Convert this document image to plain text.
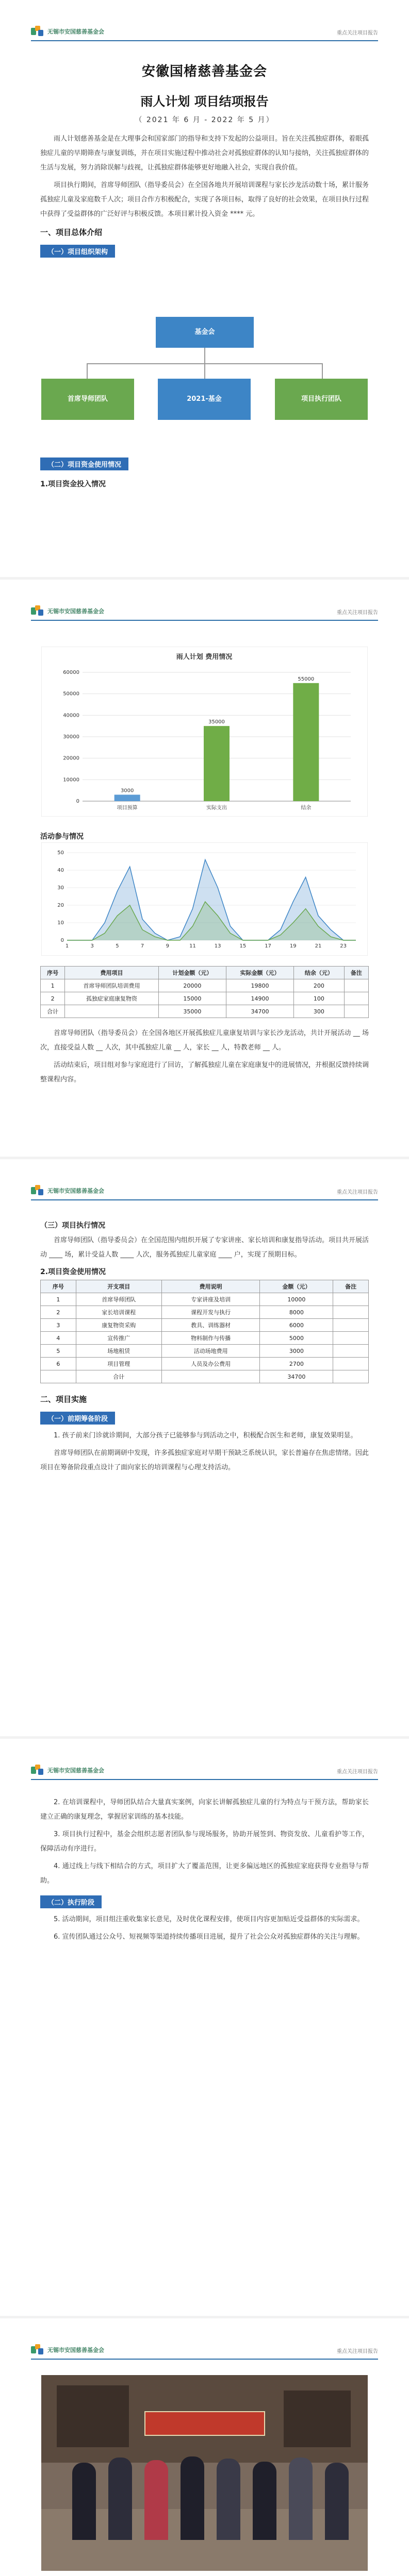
无锡市安国慈善基金会	重点关注项目报告
安徽国楮慈善基金会
雨人计划 项目结项报告
（ 2021 年 6 月 - 2022 年 5 月）

雨人计划慈善基金是在大理事会和国家部门的指导和支持下发起的公益项目。旨在关注孤独症群体，着眼孤独症儿童的早期筛查与康复训练，并在项目实施过程中推动社会对孤独症群体的认知与接纳，关注孤独症群体的生活与发展，努力消除误解与歧视，让孤独症群体能够更好地融入社会，实现自我价值。

项目执行期间，首席导师团队（指导委员会）在全国各地共开展培训课程与家长沙龙活动数十场，累计服务孤独症儿童及家庭数千人次；项目合作方积极配合，实现了各项目标，取得了良好的社会效果，在项目执行过程中获得了受益群体的广泛好评与积极反馈。本项目累计投入资金 **** 元。

一、项目总体介绍
（一）项目组织架构
基金会
首席导师团队	2021-基金	项目执行团队
（二）项目资金使用情况
1.项目资金投入情况
无锡市安国慈善基金会	重点关注项目报告
雨人计划 费用情况
0
10000
20000
30000
40000
50000
60000
3000
项目预算
35000
实际支出
55000
结余
活动参与情况
0
10
20
30
40
50
1	3	5	7	9	11	13	15	17	19	21	23
序号	费用项目	计划金额（元）	实际金额（元）	结余（元）	备注
1	首席导师团队培训费用	20000	19800	200	
2	孤独症家庭康复物资	15000	14900	100	
合计		35000	34700	300	

首席导师团队（指导委员会）在全国各地区开展孤独症儿童康复培训与家长沙龙活动，共计开展活动 __ 场次，直接受益人数 __ 人次，其中孤独症儿童 __ 人，家长 __ 人，特教老师 __ 人。

活动结束后，项目组对参与家庭进行了回访，了解孤独症儿童在家庭康复中的进展情况，并根据反馈持续调整课程内容。

无锡市安国慈善基金会	重点关注项目报告
（三）项目执行情况

首席导师团队（指导委员会）在全国范围内组织开展了专家讲座、家长培训和康复指导活动。项目共开展活动 ____ 场，累计受益人数 ____ 人次，服务孤独症儿童家庭 ____ 户，实现了预期目标。

2.项目资金使用情况
序号	开支项目	费用说明	金额（元）	备注
1	首席导师团队	专家讲座及培训	10000	
2	家长培训课程	课程开发与执行	8000	
3	康复物资采购	教具、训练器材	6000	
4	宣传推广	物料制作与传播	5000	
5	场地租赁	活动场地费用	3000	
6	项目管理	人员及办公费用	2700	
	合计		34700	
二、项目实施
（一）前期筹备阶段

1. 孩子前来门诊就诊期间，大部分孩子已能够参与到活动之中，积极配合医生和老师，康复效果明显。

首席导师团队在前期调研中发现，许多孤独症家庭对早期干预缺乏系统认识，家长普遍存在焦虑情绪。因此项目在筹备阶段重点设计了面向家长的培训课程与心理支持活动。

无锡市安国慈善基金会	重点关注项目报告

2. 在培训课程中，导师团队结合大量真实案例，向家长讲解孤独症儿童的行为特点与干预方法，帮助家长建立正确的康复理念，掌握居家训练的基本技能。

3. 项目执行过程中，基金会组织志愿者团队参与现场服务，协助开展签到、物资发放、儿童看护等工作，保障活动有序进行。

4. 通过线上与线下相结合的方式，项目扩大了覆盖范围，让更多偏远地区的孤独症家庭获得专业指导与帮助。

（二）执行阶段

5. 活动期间，项目组注重收集家长意见，及时优化课程安排，使项目内容更加贴近受益群体的实际需求。

6. 宣传团队通过公众号、短视频等渠道持续传播项目进展，提升了社会公众对孤独症群体的关注与理解。

无锡市安国慈善基金会	重点关注项目报告
